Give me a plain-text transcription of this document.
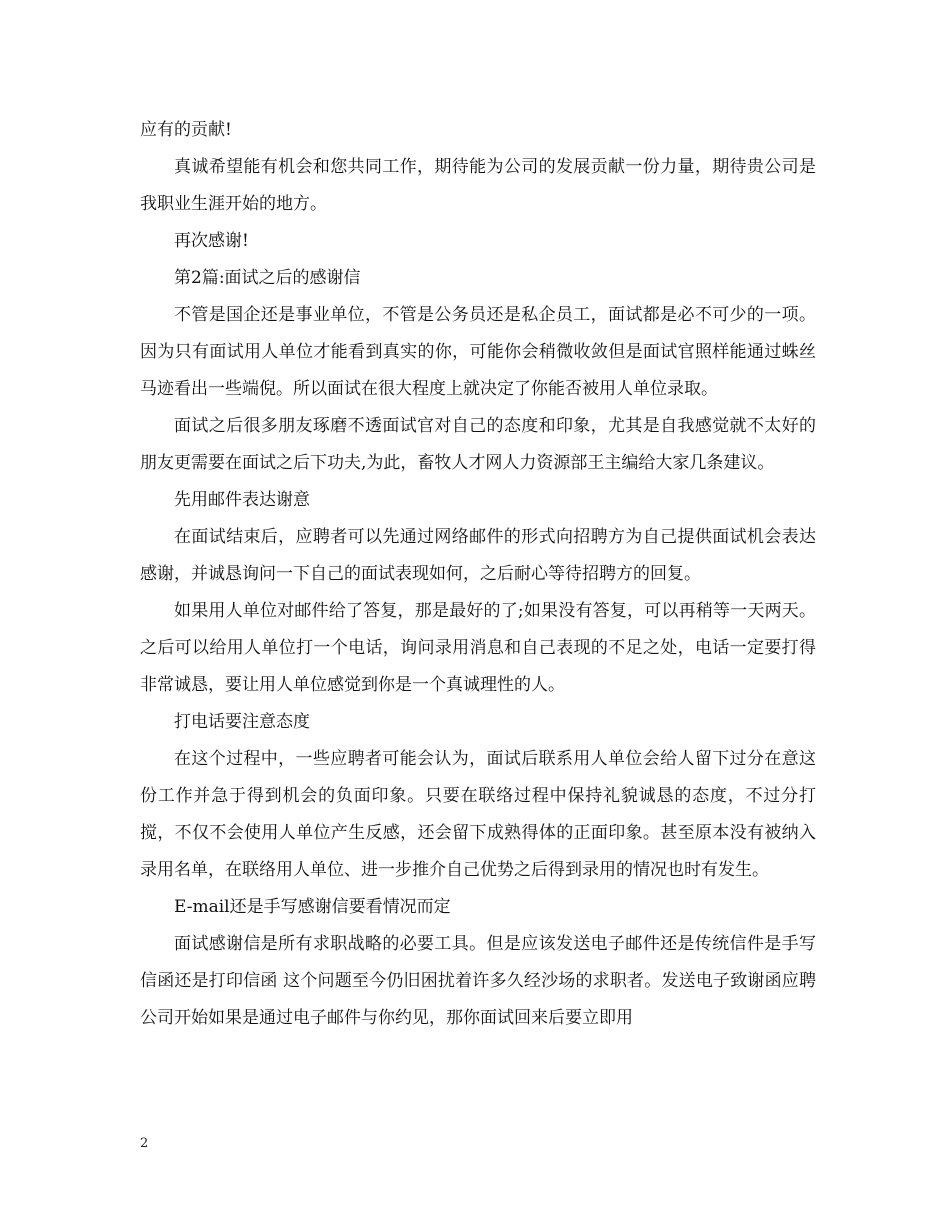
应有的贡献!

真诚希望能有机会和您共同工作，期待能为公司的发展贡献一份力量，期待贵公司是我职业生涯开始的地方。

再次感谢!

第2篇:面试之后的感谢信

不管是国企还是事业单位，不管是公务员还是私企员工，面试都是必不可少的一项。因为只有面试用人单位才能看到真实的你，可能你会稍微收敛但是面试官照样能通过蛛丝马迹看出一些端倪。所以面试在很大程度上就决定了你能否被用人单位录取。

面试之后很多朋友琢磨不透面试官对自己的态度和印象，尤其是自我感觉就不太好的朋友更需要在面试之后下功夫,为此，畜牧人才网人力资源部王主编给大家几条建议。

先用邮件表达谢意

在面试结束后，应聘者可以先通过网络邮件的形式向招聘方为自己提供面试机会表达感谢，并诚恳询问一下自己的面试表现如何，之后耐心等待招聘方的回复。

如果用人单位对邮件给了答复，那是最好的了;如果没有答复，可以再稍等一天两天。之后可以给用人单位打一个电话，询问录用消息和自己表现的不足之处，电话一定要打得非常诚恳，要让用人单位感觉到你是一个真诚理性的人。

打电话要注意态度

在这个过程中，一些应聘者可能会认为，面试后联系用人单位会给人留下过分在意这份工作并急于得到机会的负面印象。只要在联络过程中保持礼貌诚恳的态度，不过分打搅，不仅不会使用人单位产生反感，还会留下成熟得体的正面印象。甚至原本没有被纳入录用名单，在联络用人单位、进一步推介自己优势之后得到录用的情况也时有发生。

E-mail还是手写感谢信要看情况而定

面试感谢信是所有求职战略的必要工具。但是应该发送电子邮件还是传统信件是手写信函还是打印信函 这个问题至今仍旧困扰着许多久经沙场的求职者。发送电子致谢函应聘公司开始如果是通过电子邮件与你约见，那你面试回来后要立即用

2
